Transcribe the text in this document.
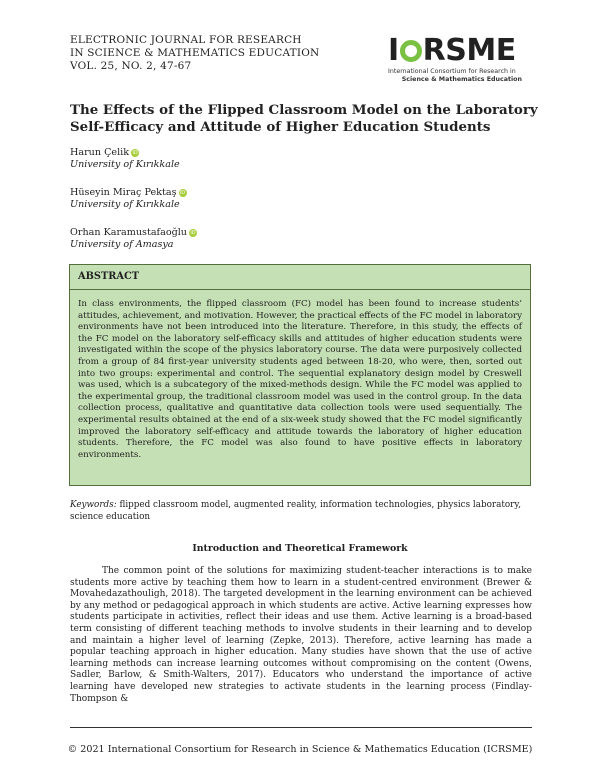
ELECTRONIC JOURNAL FOR RESEARCH
IN SCIENCE & MATHEMATICS EDUCATION
VOL. 25, NO. 2, 47-67	I RSME
International Consortium for Research in
Science & Mathematics Education
The Effects of the Flipped Classroom Model on the Laboratory Self-Efficacy and Attitude of Higher Education Students
Harun Çelik iD
University of Kırıkkale
Hüseyin Miraç Pektaş iD
University of Kırıkkale
Orhan Karamustafaoğlu iD
University of Amasya
ABSTRACT
In class environments, the flipped classroom (FC) model has been found to increase students’ attitudes, achievement, and motivation. However, the practical effects of the FC model in laboratory environments have not been introduced into the literature. Therefore, in this study, the effects of the FC model on the laboratory self-efficacy skills and attitudes of higher education students were investigated within the scope of the physics laboratory course. The data were purposively collected from a group of 84 first-year university students aged between 18-20, who were, then, sorted out into two groups: experimental and control. The sequential explanatory design model by Creswell was used, which is a subcategory of the mixed-methods design. While the FC model was applied to the experimental group, the traditional classroom model was used in the control group. In the data collection process, qualitative and quantitative data collection tools were used sequentially. The experimental results obtained at the end of a six-week study showed that the FC model significantly improved the laboratory self-efficacy and attitude towards the laboratory of higher education students. Therefore, the FC model was also found to have positive effects in laboratory environments.
Keywords: flipped classroom model, augmented reality, information technologies, physics laboratory, science education
Introduction and Theoretical Framework

The common point of the solutions for maximizing student-teacher interactions is to make students more active by teaching them how to learn in a student-centred environment (Brewer & Movahedazathouligh, 2018). The targeted development in the learning environment can be achieved by any method or pedagogical approach in which students are active. Active learning expresses how students participate in activities, reflect their ideas and use them. Active learning is a broad-based term consisting of different teaching methods to involve students in their learning and to develop and maintain a higher level of learning (Zepke, 2013). Therefore, active learning has made a popular teaching approach in higher education. Many studies have shown that the use of active learning methods can increase learning outcomes without compromising on the content (Owens, Sadler, Barlow, & Smith-Walters, 2017). Educators who understand the importance of active learning have developed new strategies to activate students in the learning process (Findlay-Thompson &

© 2021 International Consortium for Research in Science & Mathematics Education (ICRSME)
